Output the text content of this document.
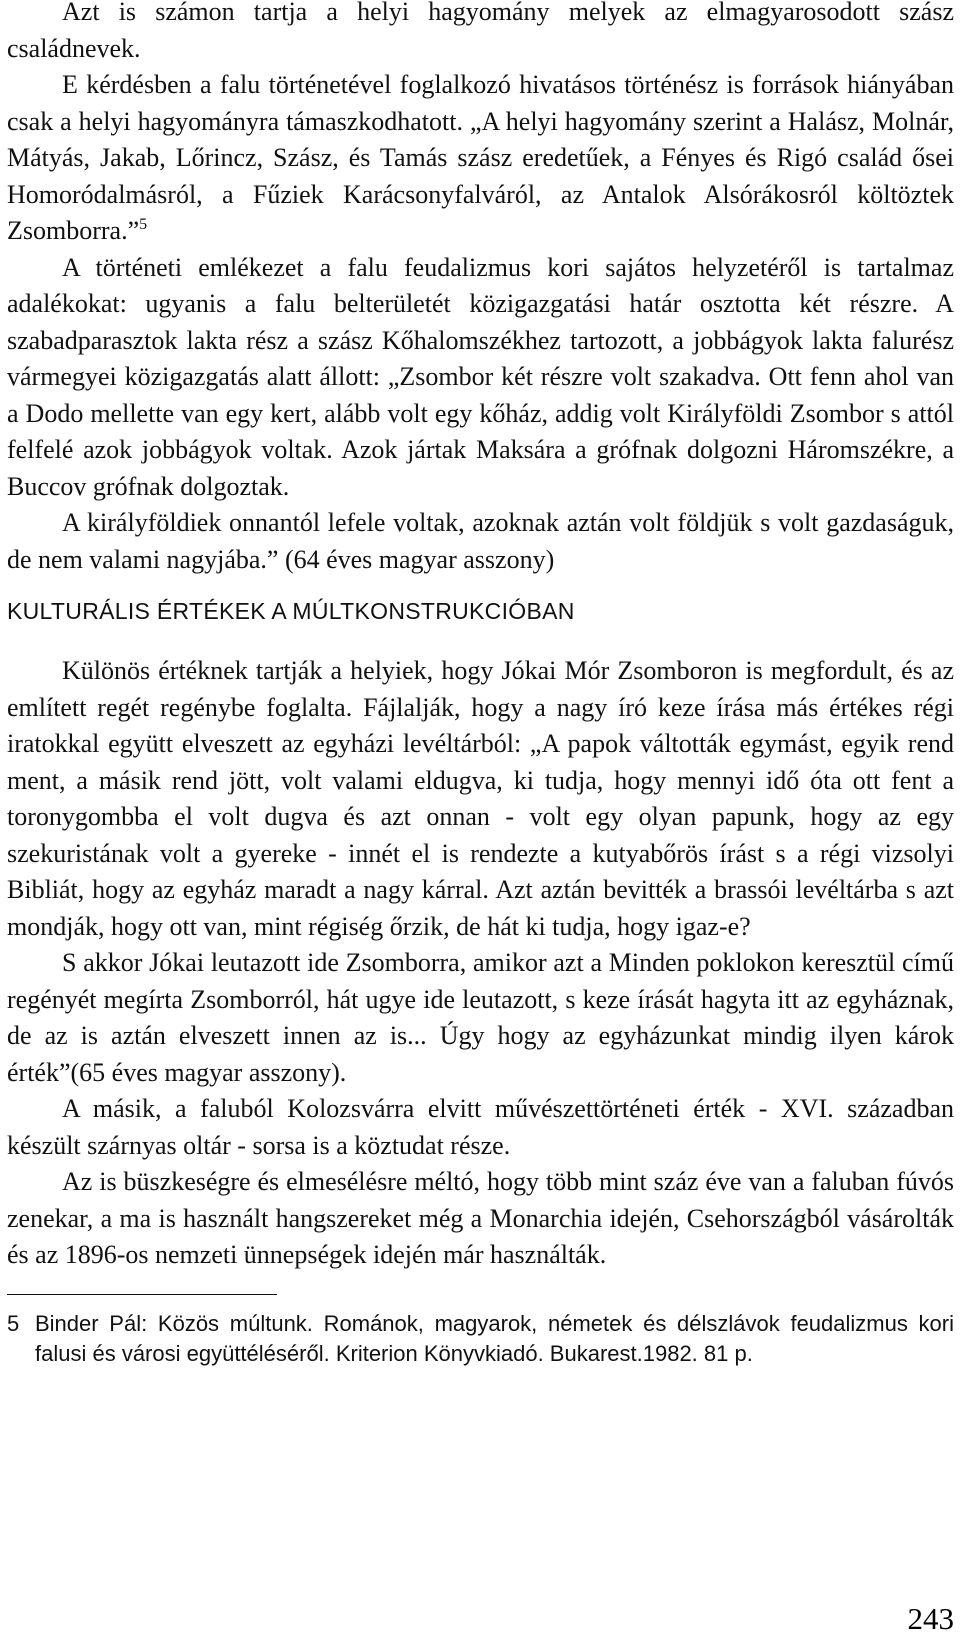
Azt is számon tartja a helyi hagyomány melyek az elmagyarosodott szász családnevek.

E kérdésben a falu történetével foglalkozó hivatásos történész is források hiányában csak a helyi hagyományra támaszkodhatott. „A helyi hagyomány szerint a Halász, Molnár, Mátyás, Jakab, Lőrincz, Szász, és Tamás szász eredetűek, a Fényes és Rigó család ősei Homoródalmásról, a Fűziek Karácsonyfalváról, az Antalok Alsórákosról költöztek Zsomborra.”$^5$

A történeti emlékezet a falu feudalizmus kori sajátos helyzetéről is tartalmaz adalékokat: ugyanis a falu belterületét közigazgatási határ osztotta két részre. A szabadparasztok lakta rész a szász Kőhalomszékhez tartozott, a jobbágyok lakta falurész vármegyei közigazgatás alatt állott: „Zsombor két részre volt szakadva. Ott fenn ahol van a Dodo mellette van egy kert, alább volt egy kőház, addig volt Királyföldi Zsombor s attól felfelé azok jobbágyok voltak. Azok jártak Maksára a grófnak dolgozni Háromszékre, a Buccov grófnak dolgoztak.

A királyföldiek onnantól lefele voltak, azoknak aztán volt földjük s volt gazdaságuk, de nem valami nagyjába.” (64 éves magyar asszony)

KULTURÁLIS ÉRTÉKEK A MÚLTKONSTRUKCIÓBAN

Különös értéknek tartják a helyiek, hogy Jókai Mór Zsomboron is megfordult, és az említett regét regénybe foglalta. Fájlalják, hogy a nagy író keze írása más értékes régi iratokkal együtt elveszett az egyházi levéltárból: „A papok váltották egymást, egyik rend ment, a másik rend jött, volt valami eldugva, ki tudja, hogy mennyi idő óta ott fent a toronygombba el volt dugva és azt onnan - volt egy olyan papunk, hogy az egy szekuristának volt a gyereke - innét el is rendezte a kutyabőrös írást s a régi vizsolyi Bibliát, hogy az egyház maradt a nagy kárral. Azt aztán bevitték a brassói levéltárba s azt mondják, hogy ott van, mint régiség őrzik, de hát ki tudja, hogy igaz-e?

S akkor Jókai leutazott ide Zsomborra, amikor azt a Minden poklokon keresztül című regényét megírta Zsomborról, hát ugye ide leutazott, s keze írását hagyta itt az egyháznak, de az is aztán elveszett innen az is... Úgy hogy az egyházunkat mindig ilyen károk érték”(65 éves magyar asszony).

A másik, a faluból Kolozsvárra elvitt művészettörténeti érték - XVI. században készült szárnyas oltár - sorsa is a köztudat része.

Az is büszkeségre és elmesélésre méltó, hogy több mint száz éve van a faluban fúvós zenekar, a ma is használt hangszereket még a Monarchia idején, Csehországból vásárolták és az 1896-os nemzeti ünnepségek idején már használták.

5 Binder Pál: Közös múltunk. Románok, magyarok, németek és délszlávok feudalizmus kori falusi és városi együttéléséről. Kriterion Könyvkiadó. Bukarest.1982. 81 p.

243
